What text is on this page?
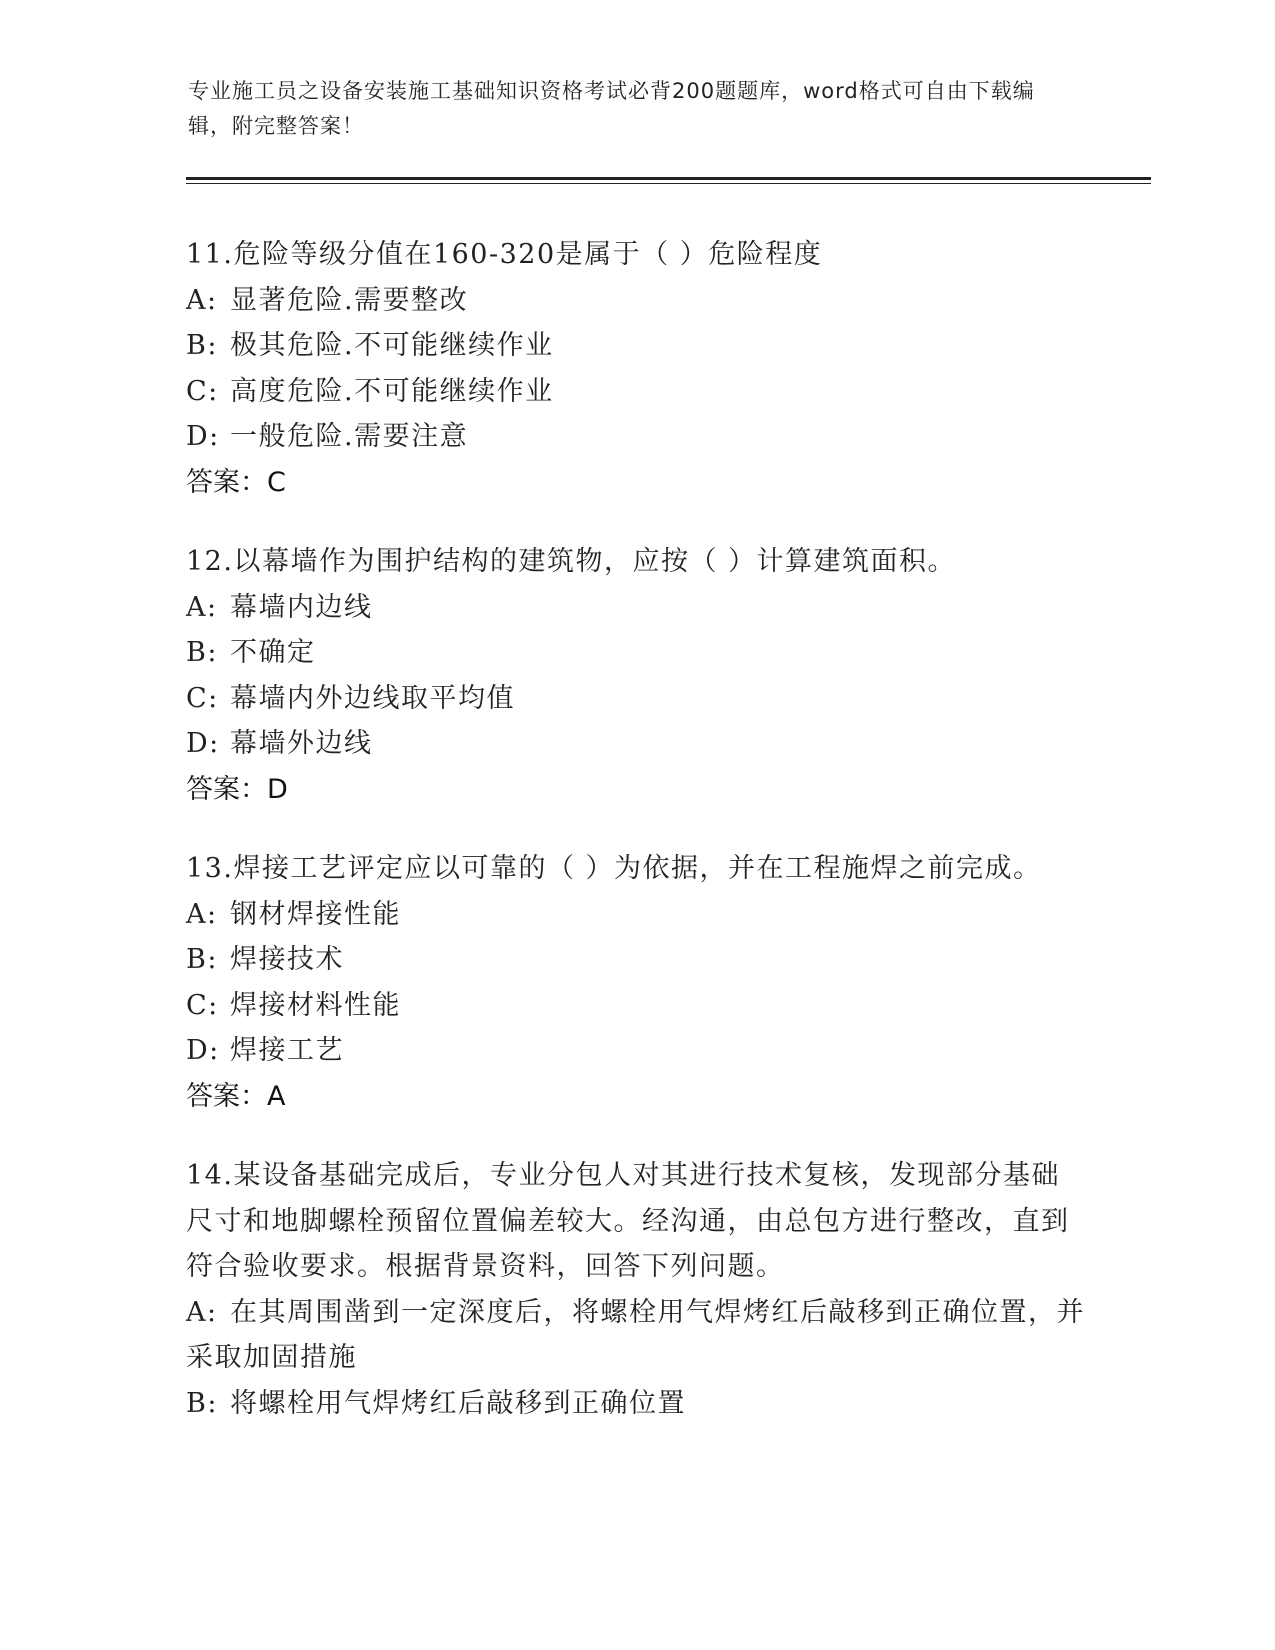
专业施工员之设备安装施工基础知识资格考试必背200题题库，word格式可自由下载编辑，附完整答案！

11.危险等级分值在160-320是属于（ ）危险程度

A: 显著危险.需要整改

B: 极其危险.不可能继续作业

C: 高度危险.不可能继续作业

D: 一般危险.需要注意

答案：C

12.以幕墙作为围护结构的建筑物，应按（ ）计算建筑面积。

A: 幕墙内边线

B: 不确定

C: 幕墙内外边线取平均值

D: 幕墙外边线

答案：D

13.焊接工艺评定应以可靠的（ ）为依据，并在工程施焊之前完成。

A: 钢材焊接性能

B: 焊接技术

C: 焊接材料性能

D: 焊接工艺

答案：A

14.某设备基础完成后，专业分包人对其进行技术复核，发现部分基础尺寸和地脚螺栓预留位置偏差较大。经沟通，由总包方进行整改，直到符合验收要求。根据背景资料，回答下列问题。

A: 在其周围凿到一定深度后，将螺栓用气焊烤红后敲移到正确位置，并采取加固措施

B: 将螺栓用气焊烤红后敲移到正确位置
